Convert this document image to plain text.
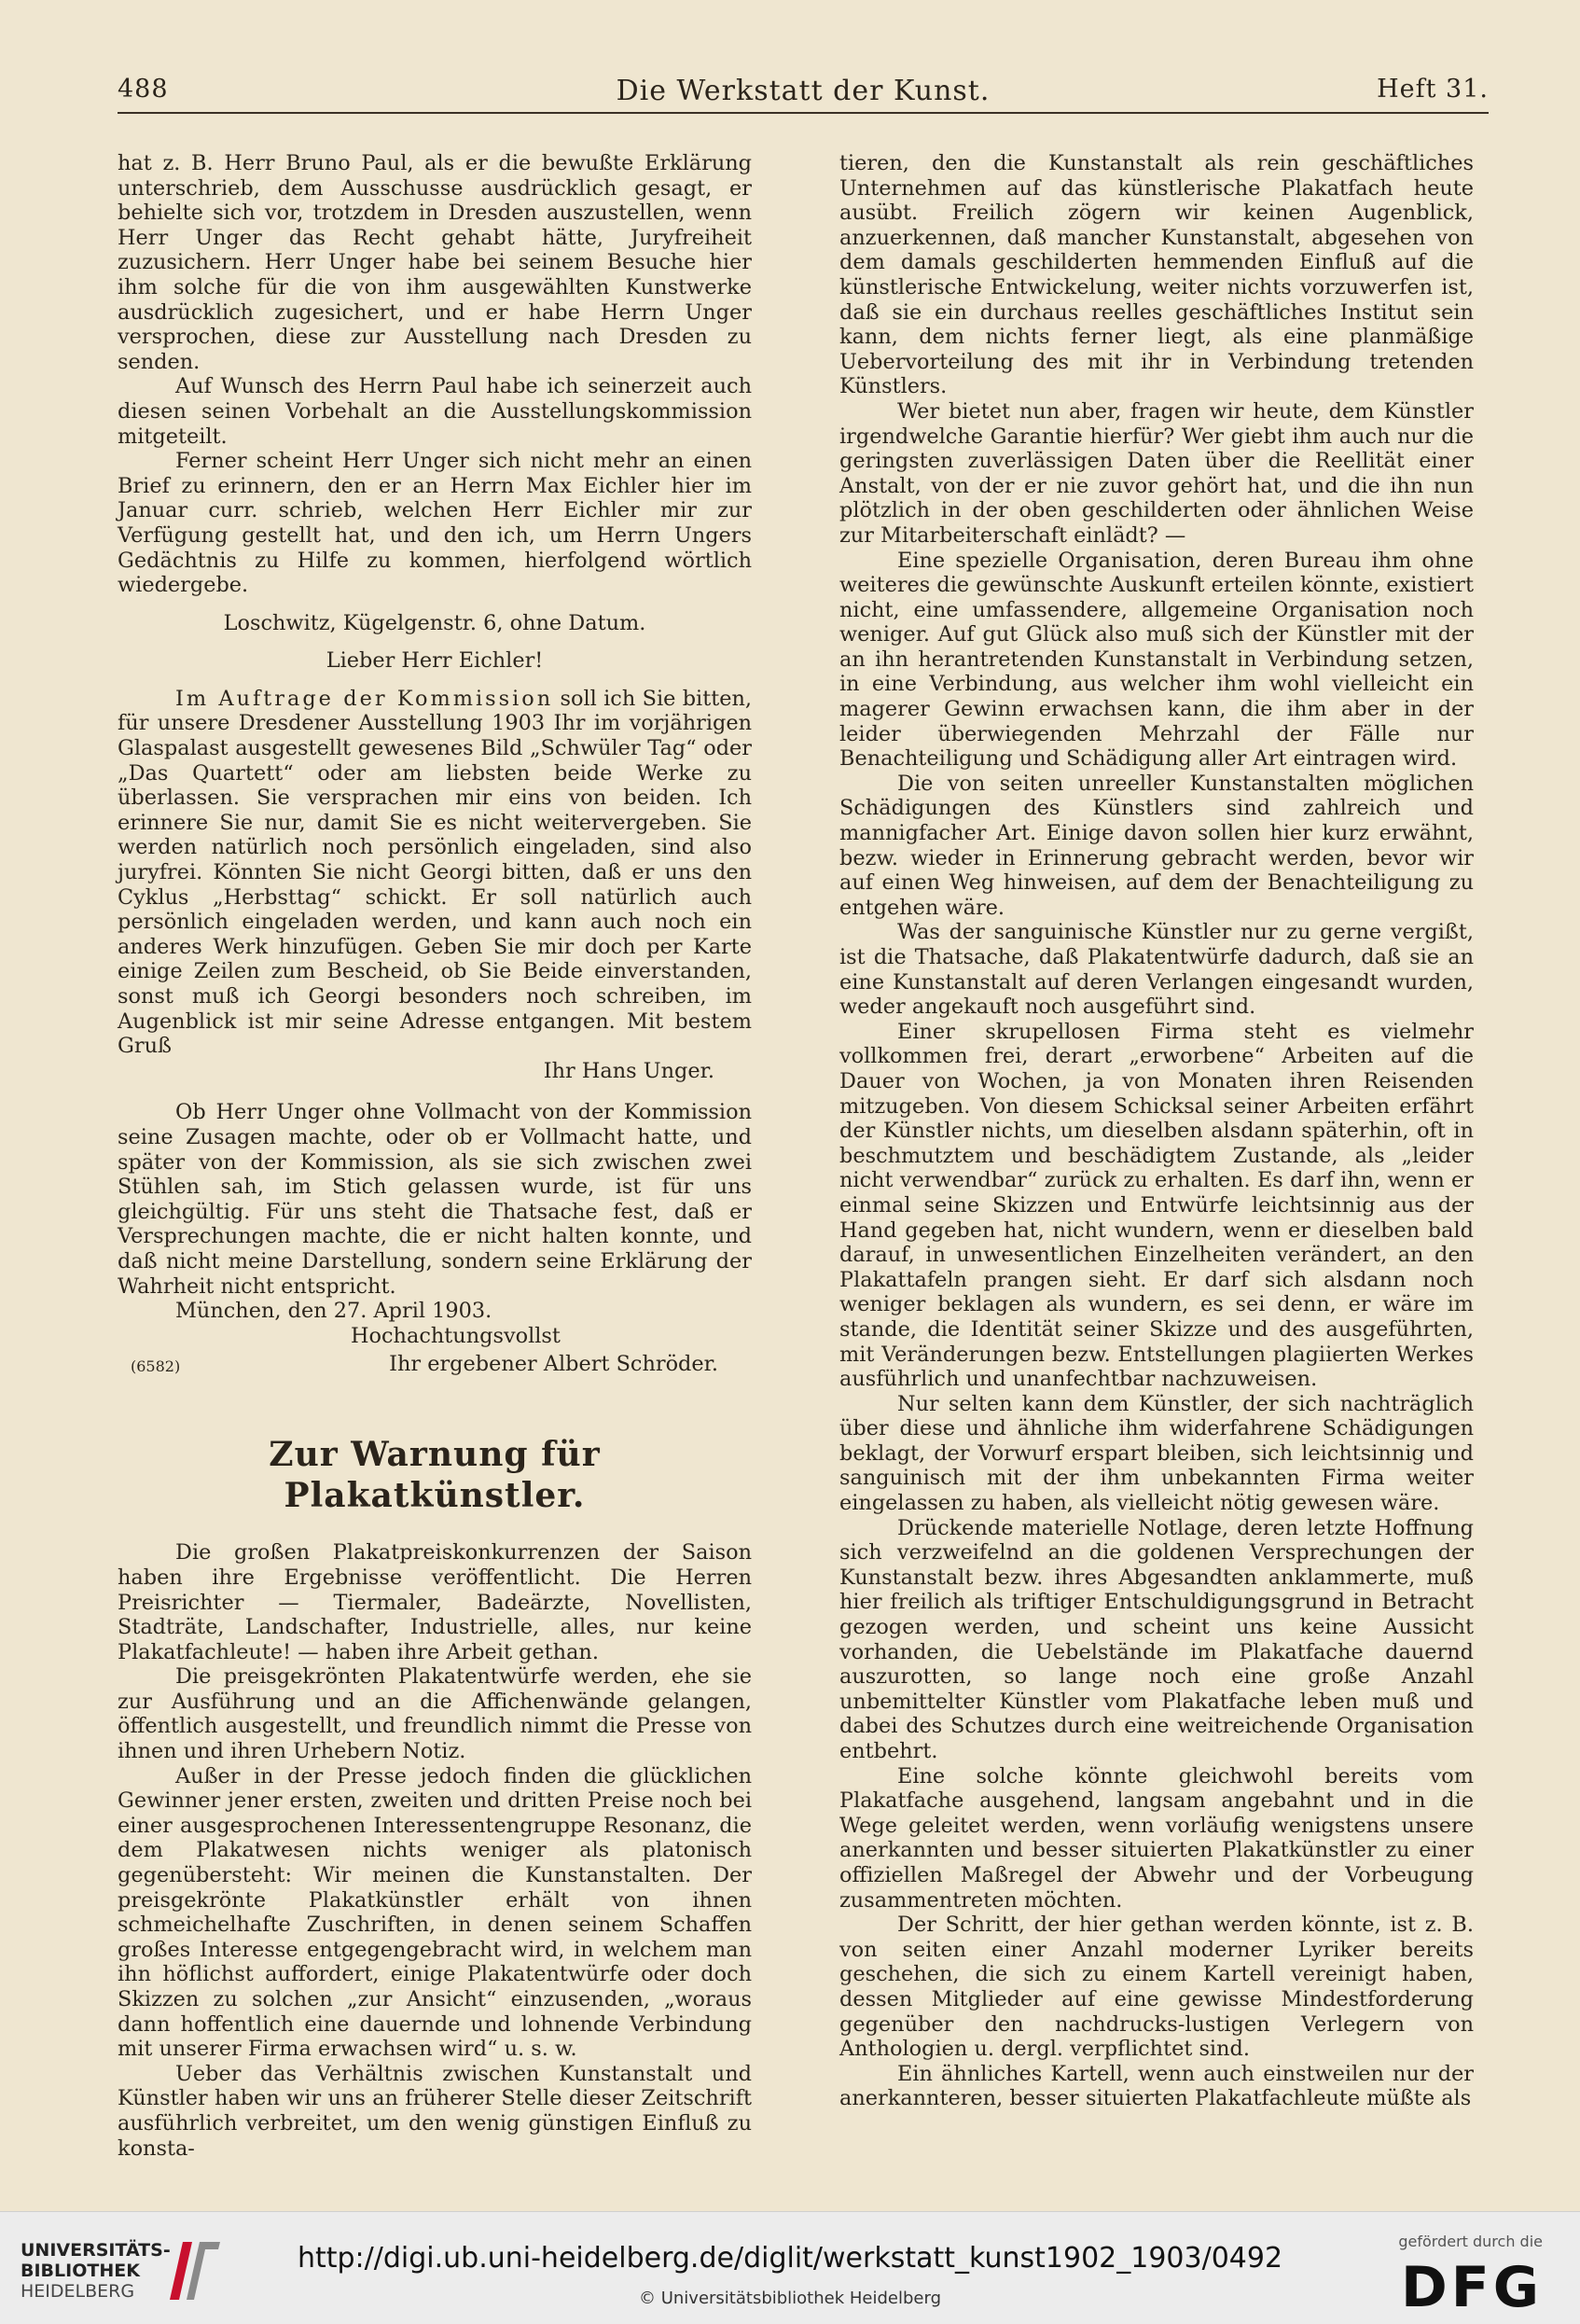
488	Die Werkstatt der Kunst.	Heft 31.

hat z. B. Herr Bruno Paul, als er die bewußte Erklärung unterschrieb, dem Ausschusse ausdrücklich gesagt, er behielte sich vor, trotzdem in Dresden auszustellen, wenn Herr Unger das Recht gehabt hätte, Juryfreiheit zuzusichern. Herr Unger habe bei seinem Besuche hier ihm solche für die von ihm ausgewählten Kunstwerke ausdrücklich zugesichert, und er habe Herrn Unger versprochen, diese zur Ausstellung nach Dresden zu senden.

Auf Wunsch des Herrn Paul habe ich seinerzeit auch diesen seinen Vorbehalt an die Ausstellungskommission mitgeteilt.

Ferner scheint Herr Unger sich nicht mehr an einen Brief zu erinnern, den er an Herrn Max Eichler hier im Januar curr. schrieb, welchen Herr Eichler mir zur Verfügung gestellt hat, und den ich, um Herrn Ungers Gedächtnis zu Hilfe zu kommen, hierfolgend wörtlich wiedergebe.

Loschwitz, Kügelgenstr. 6, ohne Datum.

Lieber Herr Eichler!

Im Auftrage der Kommission soll ich Sie bitten, für unsere Dresdener Ausstellung 1903 Ihr im vorjährigen Glaspalast ausgestellt gewesenes Bild „Schwüler Tag“ oder „Das Quartett“ oder am liebsten beide Werke zu überlassen. Sie versprachen mir eins von beiden. Ich erinnere Sie nur, damit Sie es nicht weitervergeben. Sie werden natürlich noch persönlich eingeladen, sind also juryfrei. Könnten Sie nicht Georgi bitten, daß er uns den Cyklus „Herbsttag“ schickt. Er soll natürlich auch persönlich eingeladen werden, und kann auch noch ein anderes Werk hinzufügen. Geben Sie mir doch per Karte einige Zeilen zum Bescheid, ob Sie Beide einverstanden, sonst muß ich Georgi besonders noch schreiben, im Augenblick ist mir seine Adresse entgangen. Mit bestem Gruß

Ihr Hans Unger.

Ob Herr Unger ohne Vollmacht von der Kommission seine Zusagen machte, oder ob er Vollmacht hatte, und später von der Kommission, als sie sich zwischen zwei Stühlen sah, im Stich gelassen wurde, ist für uns gleichgültig. Für uns steht die Thatsache fest, daß er Versprechungen machte, die er nicht halten konnte, und daß nicht meine Darstellung, sondern seine Erklärung der Wahrheit nicht entspricht.

München, den 27. April 1903.

Hochachtungsvollst

(6582)	Ihr ergebener Albert Schröder.
Zur Warnung für Plakatkünstler.

Die großen Plakatpreiskonkurrenzen der Saison haben ihre Ergebnisse veröffentlicht. Die Herren Preisrichter — Tiermaler, Badeärzte, Novellisten, Stadträte, Landschafter, Industrielle, alles, nur keine Plakatfachleute! — haben ihre Arbeit gethan.

Die preisgekrönten Plakatentwürfe werden, ehe sie zur Ausführung und an die Affichenwände gelangen, öffentlich ausgestellt, und freundlich nimmt die Presse von ihnen und ihren Urhebern Notiz.

Außer in der Presse jedoch finden die glücklichen Gewinner jener ersten, zweiten und dritten Preise noch bei einer ausgesprochenen Interessentengruppe Resonanz, die dem Plakatwesen nichts weniger als platonisch gegenübersteht: Wir meinen die Kunstanstalten. Der preisgekrönte Plakatkünstler erhält von ihnen schmeichelhafte Zuschriften, in denen seinem Schaffen großes Interesse entgegengebracht wird, in welchem man ihn höflichst auffordert, einige Plakatentwürfe oder doch Skizzen zu solchen „zur Ansicht“ einzusenden, „woraus dann hoffentlich eine dauernde und lohnende Verbindung mit unserer Firma erwachsen wird“ u. s. w.

Ueber das Verhältnis zwischen Kunstanstalt und Künstler haben wir uns an früherer Stelle dieser Zeitschrift ausführlich verbreitet, um den wenig günstigen Einfluß zu konsta-

tieren, den die Kunstanstalt als rein geschäftliches Unternehmen auf das künstlerische Plakatfach heute ausübt. Freilich zögern wir keinen Augenblick, anzuerkennen, daß mancher Kunstanstalt, abgesehen von dem damals geschilderten hemmenden Einfluß auf die künstlerische Entwickelung, weiter nichts vorzuwerfen ist, daß sie ein durchaus reelles geschäftliches Institut sein kann, dem nichts ferner liegt, als eine planmäßige Uebervorteilung des mit ihr in Verbindung tretenden Künstlers.

Wer bietet nun aber, fragen wir heute, dem Künstler irgendwelche Garantie hierfür? Wer giebt ihm auch nur die geringsten zuverlässigen Daten über die Reellität einer Anstalt, von der er nie zuvor gehört hat, und die ihn nun plötzlich in der oben geschilderten oder ähnlichen Weise zur Mitarbeiterschaft einlädt? —

Eine spezielle Organisation, deren Bureau ihm ohne weiteres die gewünschte Auskunft erteilen könnte, existiert nicht, eine umfassendere, allgemeine Organisation noch weniger. Auf gut Glück also muß sich der Künstler mit der an ihn herantretenden Kunstanstalt in Verbindung setzen, in eine Verbindung, aus welcher ihm wohl vielleicht ein magerer Gewinn erwachsen kann, die ihm aber in der leider überwiegenden Mehrzahl der Fälle nur Benachteiligung und Schädigung aller Art eintragen wird.

Die von seiten unreeller Kunstanstalten möglichen Schädigungen des Künstlers sind zahlreich und mannigfacher Art. Einige davon sollen hier kurz erwähnt, bezw. wieder in Erinnerung gebracht werden, bevor wir auf einen Weg hinweisen, auf dem der Benachteiligung zu entgehen wäre.

Was der sanguinische Künstler nur zu gerne vergißt, ist die Thatsache, daß Plakatentwürfe dadurch, daß sie an eine Kunstanstalt auf deren Verlangen eingesandt wurden, weder angekauft noch ausgeführt sind.

Einer skrupellosen Firma steht es vielmehr vollkommen frei, derart „erworbene“ Arbeiten auf die Dauer von Wochen, ja von Monaten ihren Reisenden mitzugeben. Von diesem Schicksal seiner Arbeiten erfährt der Künstler nichts, um dieselben alsdann späterhin, oft in beschmutztem und beschädigtem Zustande, als „leider nicht verwendbar“ zurück zu erhalten. Es darf ihn, wenn er einmal seine Skizzen und Entwürfe leichtsinnig aus der Hand gegeben hat, nicht wundern, wenn er dieselben bald darauf, in unwesentlichen Einzelheiten verändert, an den Plakattafeln prangen sieht. Er darf sich alsdann noch weniger beklagen als wundern, es sei denn, er wäre im stande, die Identität seiner Skizze und des ausgeführten, mit Veränderungen bezw. Entstellungen plagiierten Werkes ausführlich und unanfechtbar nachzuweisen.

Nur selten kann dem Künstler, der sich nachträglich über diese und ähnliche ihm widerfahrene Schädigungen beklagt, der Vorwurf erspart bleiben, sich leichtsinnig und sanguinisch mit der ihm unbekannten Firma weiter eingelassen zu haben, als vielleicht nötig gewesen wäre.

Drückende materielle Notlage, deren letzte Hoffnung sich verzweifelnd an die goldenen Versprechungen der Kunstanstalt bezw. ihres Abgesandten anklammerte, muß hier freilich als triftiger Entschuldigungsgrund in Betracht gezogen werden, und scheint uns keine Aussicht vorhanden, die Uebelstände im Plakatfache dauernd auszurotten, so lange noch eine große Anzahl unbemittelter Künstler vom Plakatfache leben muß und dabei des Schutzes durch eine weitreichende Organisation entbehrt.

Eine solche könnte gleichwohl bereits vom Plakatfache ausgehend, langsam angebahnt und in die Wege geleitet werden, wenn vorläufig wenigstens unsere anerkannten und besser situierten Plakatkünstler zu einer offiziellen Maßregel der Abwehr und der Vorbeugung zusammentreten möchten.

Der Schritt, der hier gethan werden könnte, ist z. B. von seiten einer Anzahl moderner Lyriker bereits geschehen, die sich zu einem Kartell vereinigt haben, dessen Mitglieder auf eine gewisse Mindestforderung gegenüber den nachdrucks-lustigen Verlegern von Anthologien u. dergl. verpflichtet sind.

Ein ähnliches Kartell, wenn auch einstweilen nur der anerkannteren, besser situierten Plakatfachleute müßte als

UNIVERSITÄTS-
BIBLIOTHEK
HEIDELBERG
http://digi.ub.uni-heidelberg.de/diglit/werkstatt_kunst1902_1903/0492
© Universitätsbibliothek Heidelberg
gefördert durch die
DFG
